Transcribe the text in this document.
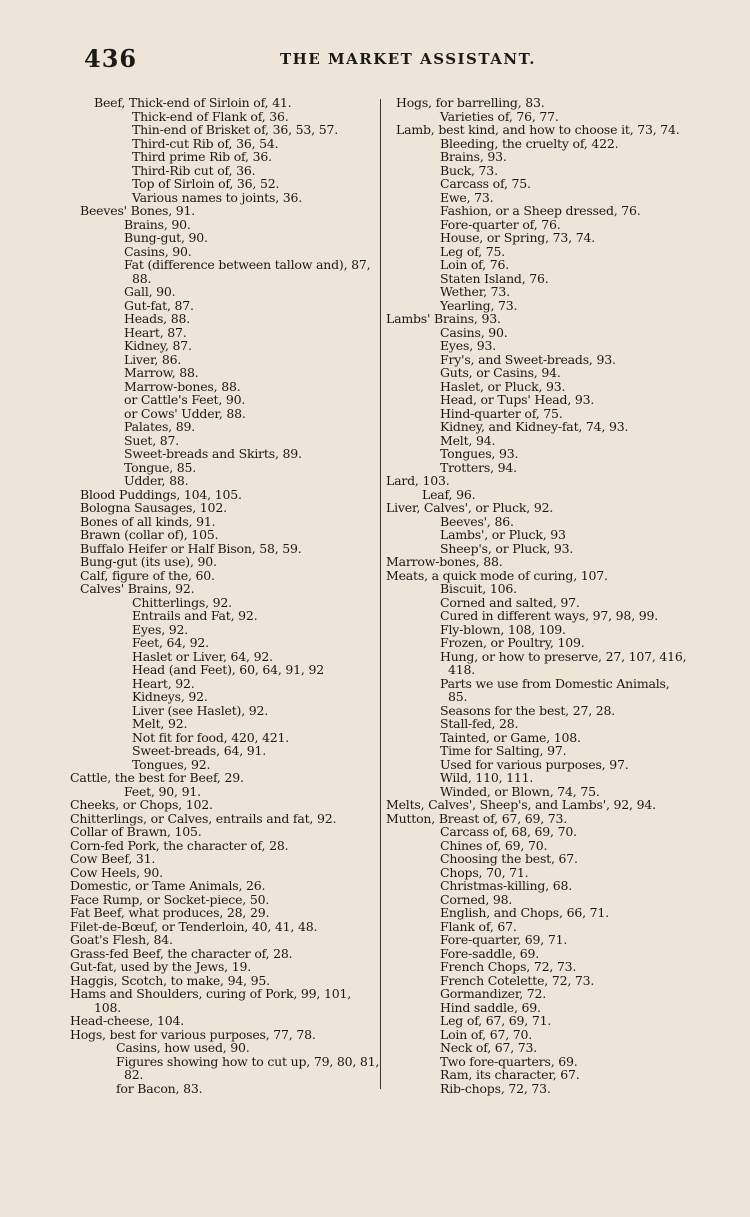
436	THE MARKET ASSISTANT.
Beef, Thick-end of Sirloin of, 41.
Thick-end of Flank of, 36.
Thin-end of Brisket of, 36, 53, 57.
Third-cut Rib of, 36, 54.
Third prime Rib of, 36.
Third-Rib cut of, 36.
Top of Sirloin of, 36, 52.
Various names to joints, 36.
Beeves' Bones, 91.
Brains, 90.
Bung-gut, 90.
Casins, 90.
Fat (difference between tallow and), 87,
88.
Gall, 90.
Gut-fat, 87.
Heads, 88.
Heart, 87.
Kidney, 87.
Liver, 86.
Marrow, 88.
Marrow-bones, 88.
or Cattle's Feet, 90.
or Cows' Udder, 88.
Palates, 89.
Suet, 87.
Sweet-breads and Skirts, 89.
Tongue, 85.
Udder, 88.
Blood Puddings, 104, 105.
Bologna Sausages, 102.
Bones of all kinds, 91.
Brawn (collar of), 105.
Buffalo Heifer or Half Bison, 58, 59.
Bung-gut (its use), 90.
Calf, figure of the, 60.
Calves' Brains, 92.
Chitterlings, 92.
Entrails and Fat, 92.
Eyes, 92.
Feet, 64, 92.
Haslet or Liver, 64, 92.
Head (and Feet), 60, 64, 91, 92
Heart, 92.
Kidneys, 92.
Liver (see Haslet), 92.
Melt, 92.
Not fit for food, 420, 421.
Sweet-breads, 64, 91.
Tongues, 92.
Cattle, the best for Beef, 29.
Feet, 90, 91.
Cheeks, or Chops, 102.
Chitterlings, or Calves, entrails and fat, 92.
Collar of Brawn, 105.
Corn-fed Pork, the character of, 28.
Cow Beef, 31.
Cow Heels, 90.
Domestic, or Tame Animals, 26.
Face Rump, or Socket-piece, 50.
Fat Beef, what produces, 28, 29.
Filet-de-Bœuf, or Tenderloin, 40, 41, 48.
Goat's Flesh, 84.
Grass-fed Beef, the character of, 28.
Gut-fat, used by the Jews, 19.
Haggis, Scotch, to make, 94, 95.
Hams and Shoulders, curing of Pork, 99, 101,
108.
Head-cheese, 104.
Hogs, best for various purposes, 77, 78.
Casins, how used, 90.
Figures showing how to cut up, 79, 80, 81,
82.
for Bacon, 83.
Hogs, for barrelling, 83.
Varieties of, 76, 77.
Lamb, best kind, and how to choose it, 73, 74.
Bleeding, the cruelty of, 422.
Brains, 93.
Buck, 73.
Carcass of, 75.
Ewe, 73.
Fashion, or a Sheep dressed, 76.
Fore-quarter of, 76.
House, or Spring, 73, 74.
Leg of, 75.
Loin of, 76.
Staten Island, 76.
Wether, 73.
Yearling, 73.
Lambs' Brains, 93.
Casins, 90.
Eyes, 93.
Fry's, and Sweet-breads, 93.
Guts, or Casins, 94.
Haslet, or Pluck, 93.
Head, or Tups' Head, 93.
Hind-quarter of, 75.
Kidney, and Kidney-fat, 74, 93.
Melt, 94.
Tongues, 93.
Trotters, 94.
Lard, 103.
Leaf, 96.
Liver, Calves', or Pluck, 92.
Beeves', 86.
Lambs', or Pluck, 93
Sheep's, or Pluck, 93.
Marrow-bones, 88.
Meats, a quick mode of curing, 107.
Biscuit, 106.
Corned and salted, 97.
Cured in different ways, 97, 98, 99.
Fly-blown, 108, 109.
Frozen, or Poultry, 109.
Hung, or how to preserve, 27, 107, 416,
418.
Parts we use from Domestic Animals,
85.
Seasons for the best, 27, 28.
Stall-fed, 28.
Tainted, or Game, 108.
Time for Salting, 97.
Used for various purposes, 97.
Wild, 110, 111.
Winded, or Blown, 74, 75.
Melts, Calves', Sheep's, and Lambs', 92, 94.
Mutton, Breast of, 67, 69, 73.
Carcass of, 68, 69, 70.
Chines of, 69, 70.
Choosing the best, 67.
Chops, 70, 71.
Christmas-killing, 68.
Corned, 98.
English, and Chops, 66, 71.
Flank of, 67.
Fore-quarter, 69, 71.
Fore-saddle, 69.
French Chops, 72, 73.
French Cotelette, 72, 73.
Gormandizer, 72.
Hind saddle, 69.
Leg of, 67, 69, 71.
Loin of, 67, 70.
Neck of, 67, 73.
Two fore-quarters, 69.
Ram, its character, 67.
Rib-chops, 72, 73.
